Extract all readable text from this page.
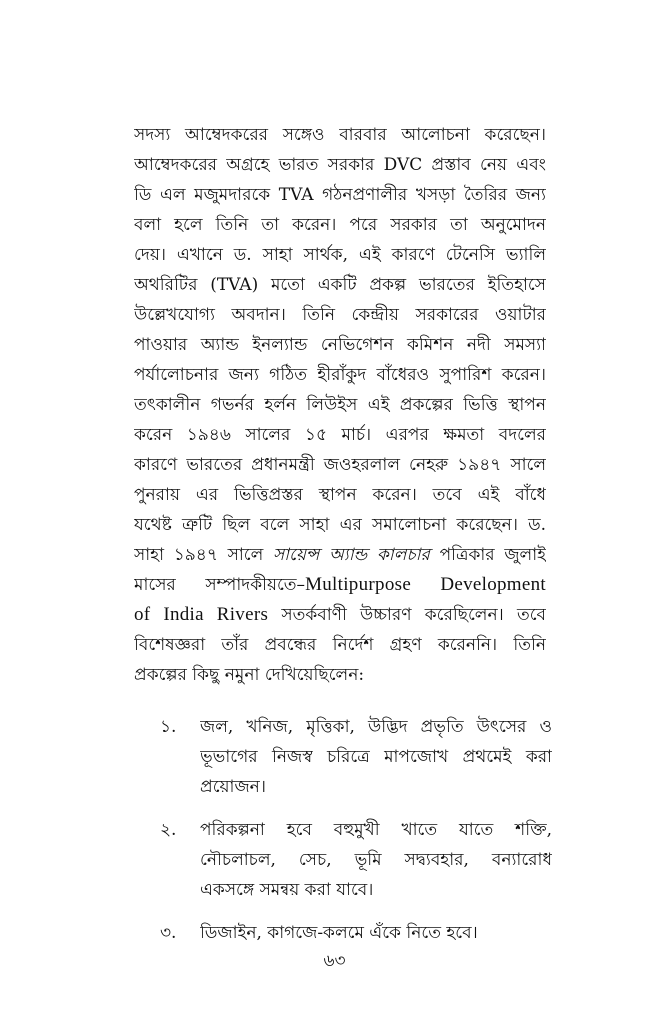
সদস্য আম্বেদকরের সঙ্গেও বারবার আলোচনা করেছেন।
আম্বেদকরের অগ্রহে ভারত সরকার DVC প্রস্তাব নেয় এবং
ডি এল মজুমদারকে TVA গঠনপ্রণালীর খসড়া তৈরির জন্য
বলা হলে তিনি তা করেন। পরে সরকার তা অনুমোদন
দেয়। এখানে ড. সাহা সার্থক, এই কারণে টেনেসি ভ্যালি
অথরিটির (TVA) মতো একটি প্রকল্প ভারতের ইতিহাসে
উল্লেখযোগ্য অবদান। তিনি কেন্দ্রীয় সরকারের ওয়াটার
পাওয়ার অ্যান্ড ইনল্যান্ড নেভিগেশন কমিশন নদী সমস্যা
পর্যালোচনার জন্য গঠিত হীরাঁকুদ বাঁধেরও সুপারিশ করেন।
তৎকালীন গভর্নর হর্লন লিউইস এই প্রকল্পের ভিত্তি স্থাপন
করেন ১৯৪৬ সালের ১৫ মার্চ। এরপর ক্ষমতা বদলের
কারণে ভারতের প্রধানমন্ত্রী জওহরলাল নেহরু ১৯৪৭ সালে
পুনরায় এর ভিত্তিপ্রস্তর স্থাপন করেন। তবে এই বাঁধে
যথেষ্ট ত্রুটি ছিল বলে সাহা এর সমালোচনা করেছেন। ড.
সাহা ১৯৪৭ সালে সায়েন্স অ্যান্ড কালচার পত্রিকার জুলাই
মাসের সম্পাদকীয়তে–Multipurpose Development
of India Rivers সতর্কবাণী উচ্চারণ করেছিলেন। তবে
বিশেষজ্ঞরা তাঁর প্রবন্ধের নির্দেশ গ্রহণ করেননি। তিনি
প্রকল্পের কিছু নমুনা দেখিয়েছিলেন:
১.	জল, খনিজ, মৃত্তিকা, উদ্ভিদ প্রভৃতি উৎসের ও
ভূভাগের নিজস্ব চরিত্রে মাপজোখ প্রথমেই করা
প্রয়োজন।
২.	পরিকল্পনা হবে বহুমুখী খাতে যাতে শক্তি,
নৌচলাচল, সেচ, ভূমি সদ্ব্যবহার, বন্যারোধ
একসঙ্গে সমন্বয় করা যাবে।
৩.	ডিজাইন, কাগজে-কলমে এঁকে নিতে হবে।
৬৩
